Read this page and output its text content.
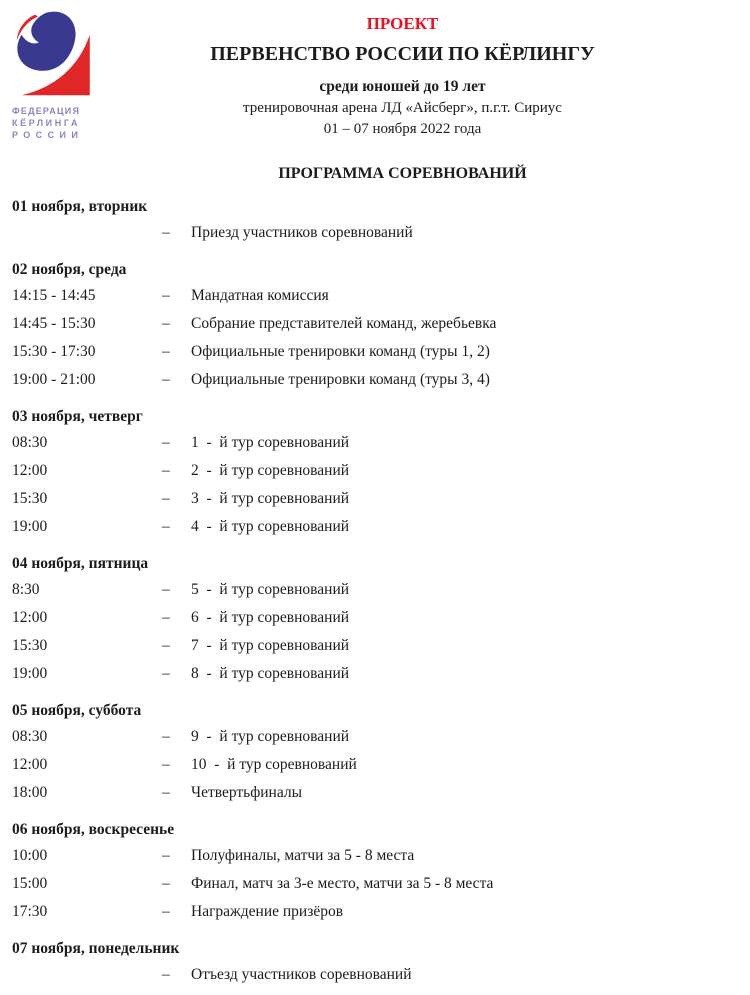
ФЕДЕРАЦИЯ
КЁРЛИНГА
РОССИИ
ПРОЕКТ
ПЕРВЕНСТВО РОССИИ ПО КЁРЛИНГУ
среди юношей до 19 лет
тренировочная арена ЛД «Айсберг», п.г.т. Сириус
01 – 07 ноября 2022 года
ПРОГРАММА СОРЕВНОВАНИЙ
01 ноября, вторник
–	Приезд участников соревнований
02 ноября, среда
14:15 - 14:45	–	Мандатная комиссия
14:45 - 15:30	–	Собрание представителей команд, жеребьевка
15:30 - 17:30	–	Официальные тренировки команд (туры 1, 2)
19:00 - 21:00	–	Официальные тренировки команд (туры 3, 4)
03 ноября, четверг
08:30	–	1  -  й тур соревнований
12:00	–	2  -  й тур соревнований
15:30	–	3  -  й тур соревнований
19:00	–	4  -  й тур соревнований
04 ноября, пятница
8:30	–	5  -  й тур соревнований
12:00	–	6  -  й тур соревнований
15:30	–	7  -  й тур соревнований
19:00	–	8  -  й тур соревнований
05 ноября, суббота
08:30	–	9  -  й тур соревнований
12:00	–	10  -  й тур соревнований
18:00	–	Четвертьфиналы
06 ноября, воскресенье
10:00	–	Полуфиналы, матчи за 5 - 8 места
15:00	–	Финал, матч за 3-е место, матчи за 5 - 8 места
17:30	–	Награждение призёров
07 ноября, понедельник
–	Отъезд участников соревнований
